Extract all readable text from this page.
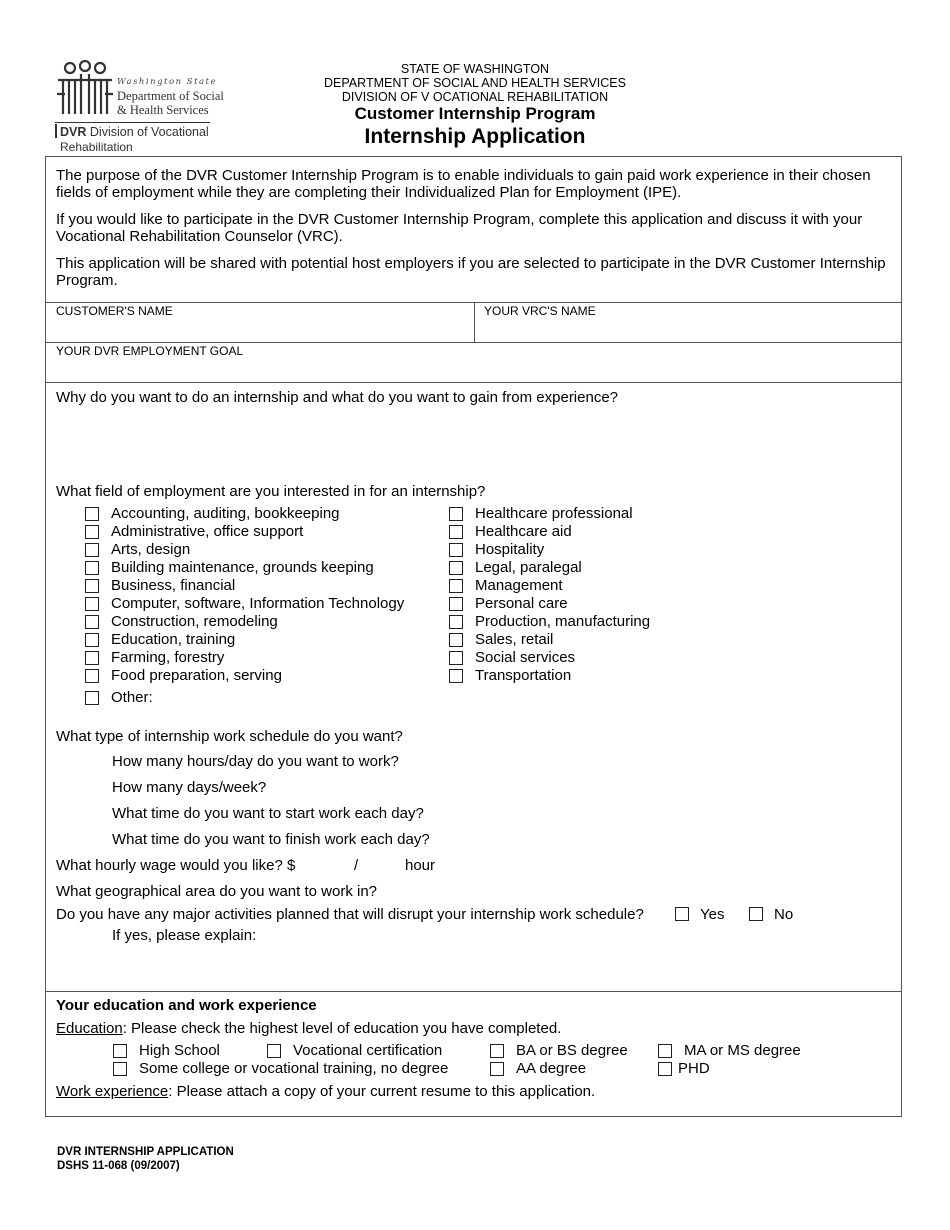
Washington State
Department of Social
& Health Services
DVR Division of Vocational
Rehabilitation
STATE OF WASHINGTON
DEPARTMENT OF SOCIAL AND HEALTH SERVICES
DIVISION OF V OCATIONAL REHABILITATION
Customer Internship Program
Internship Application

The purpose of the DVR Customer Internship Program is to enable individuals to gain paid work experience in their chosen fields of employment while they are completing their Individualized Plan for Employment (IPE).

If you would like to participate in the DVR Customer Internship Program, complete this application and discuss it with your Vocational Rehabilitation Counselor (VRC).

This application will be shared with potential host employers if you are selected to participate in the DVR Customer Internship Program.

CUSTOMER'S NAME	YOUR VRC'S NAME
YOUR DVR EMPLOYMENT GOAL
Why do you want to do an internship and what do you want to gain from experience?
What field of employment are you interested in for an internship?
Accounting, auditing, bookkeeping
Administrative, office support
Arts, design
Building maintenance, grounds keeping
Business, financial
Computer, software, Information Technology
Construction, remodeling
Education, training
Farming, forestry
Food preparation, serving
Other:
Healthcare professional
Healthcare aid
Hospitality
Legal, paralegal
Management
Personal care
Production, manufacturing
Sales, retail
Social services
Transportation
What type of internship work schedule do you want?
How many hours/day do you want to work?
How many days/week?
What time do you want to start work each day?
What time do you want to finish work each day?
What hourly wage would you like? $	/	hour
What geographical area do you want to work in?
Do you have any major activities planned that will disrupt your internship work schedule?	Yes	No
If yes, please explain:
Your education and work experience
Education: Please check the highest level of education you have completed.
High School	Vocational certification	BA or BS degree	MA or MS degree
Some college or vocational training, no degree	AA degree	PHD
Work experience: Please attach a copy of your current resume to this application.
DVR INTERNSHIP APPLICATION
DSHS 11-068 (09/2007)
